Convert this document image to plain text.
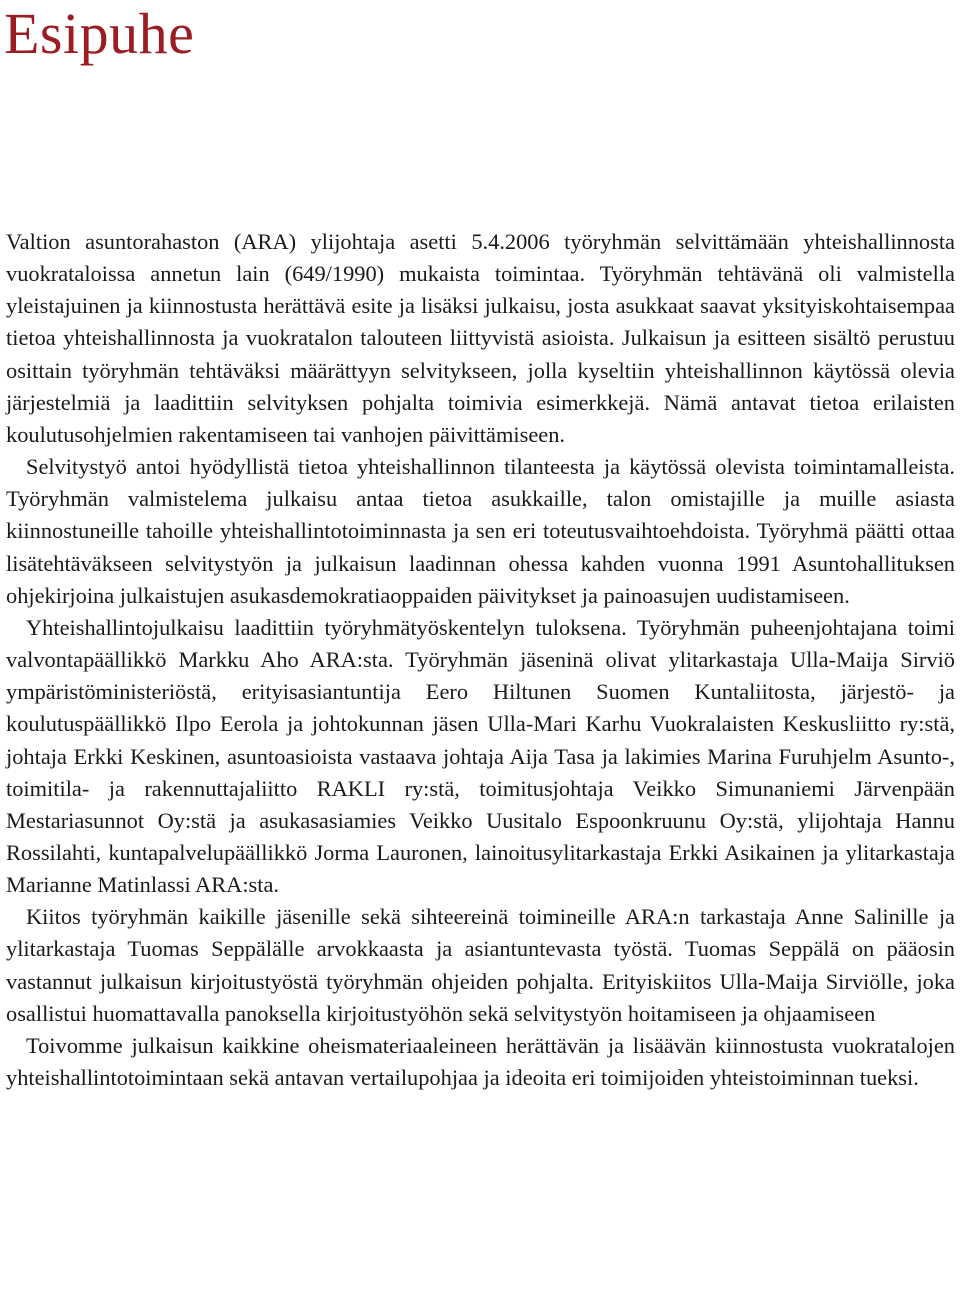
Esipuhe

Valtion asuntorahaston (ARA) ylijohtaja asetti 5.4.2006 työryhmän selvittämään yhteishallinnosta vuokrataloissa annetun lain (649/1990) mukaista toimintaa. Työryhmän tehtävänä oli valmistella yleistajuinen ja kiinnostusta herättävä esite ja lisäksi julkaisu, josta asukkaat saavat yksityiskohtaisempaa tietoa yhteishallinnosta ja vuokratalon talouteen liittyvistä asioista. Julkaisun ja esitteen sisältö perustuu osittain työryhmän tehtäväksi määrättyyn selvitykseen, jolla kyseltiin yhteishallinnon käytössä olevia järjestelmiä ja laadittiin selvityksen pohjalta toimivia esimerkkejä. Nämä antavat tietoa erilaisten koulutusohjelmien rakentamiseen tai vanhojen päivittämiseen.

Selvitystyö antoi hyödyllistä tietoa yhteishallinnon tilanteesta ja käytössä olevista toimintamalleista. Työryhmän valmistelema julkaisu antaa tietoa asukkaille, talon omistajille ja muille asiasta kiinnostuneille tahoille yhteishallintotoiminnasta ja sen eri toteutusvaihtoehdoista. Työryhmä päätti ottaa lisätehtäväkseen selvitystyön ja julkaisun laadinnan ohessa kahden vuonna 1991 Asuntohallituksen ohjekirjoina julkaistujen asukasdemokratiaoppaiden päivitykset ja painoasujen uudistamiseen.

Yhteishallintojulkaisu laadittiin työryhmätyöskentelyn tuloksena. Työryhmän puheenjohtajana toimi valvontapäällikkö Markku Aho ARA:sta. Työryhmän jäseninä olivat ylitarkastaja Ulla-Maija Sirviö ympäristöministeriöstä, erityisasiantuntija Eero Hiltunen Suomen Kuntaliitosta, järjestö- ja koulutuspäällikkö Ilpo Eerola ja johtokunnan jäsen Ulla-Mari Karhu Vuokralaisten Keskusliitto ry:stä, johtaja Erkki Keskinen, asuntoasioista vastaava johtaja Aija Tasa ja lakimies Marina Furuhjelm Asunto-, toimitila- ja rakennuttajaliitto RAKLI ry:stä, toimitusjohtaja Veikko Simunaniemi Järvenpään Mestariasunnot Oy:stä ja asukasasiamies Veikko Uusitalo Espoonkruunu Oy:stä, ylijohtaja Hannu Rossilahti, kuntapalvelupäällikkö Jorma Lauronen, lainoitusylitarkastaja Erkki Asikainen ja ylitarkastaja Marianne Matinlassi ARA:sta.

Kiitos työryhmän kaikille jäsenille sekä sihteereinä toimineille ARA:n tarkastaja Anne Salinille ja ylitarkastaja Tuomas Seppälälle arvokkaasta ja asiantuntevasta työstä. Tuomas Seppälä on pääosin vastannut julkaisun kirjoitustyöstä työryhmän ohjeiden pohjalta. Erityiskiitos Ulla-Maija Sirviölle, joka osallistui huomattavalla panoksella kirjoitustyöhön sekä selvitystyön hoitamiseen ja ohjaamiseen

Toivomme julkaisun kaikkine oheismateriaaleineen herättävän ja lisäävän kiinnostusta vuokratalojen yhteishallintotoimintaan sekä antavan vertailupohjaa ja ideoita eri toimijoiden yhteistoiminnan tueksi.
